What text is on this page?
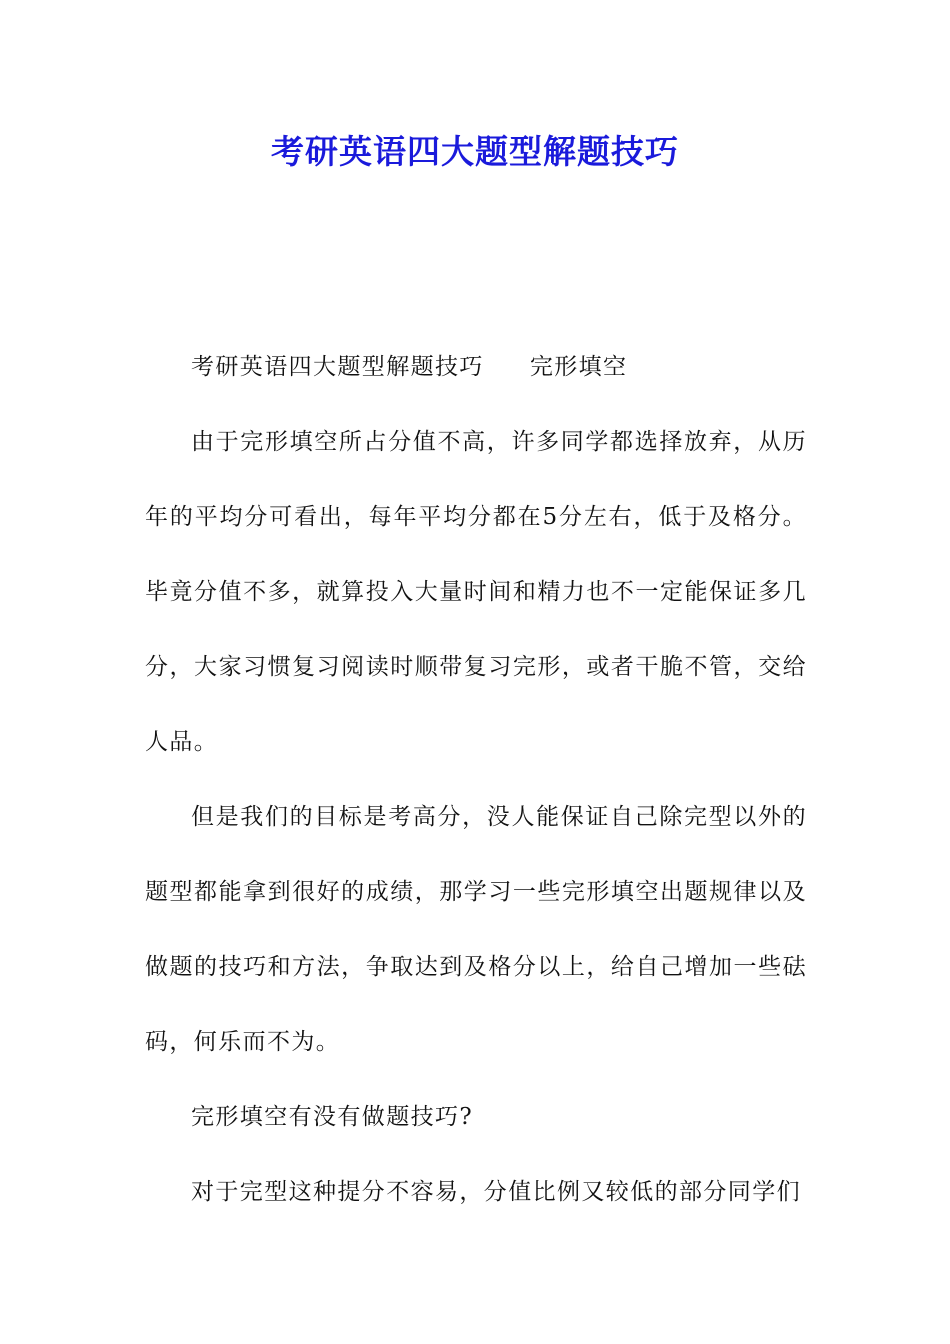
考研英语四大题型解题技巧

考研英语四大题型解题技巧 完形填空

由于完形填空所占分值不高，许多同学都选择放弃，从历年的平均分可看出，每年平均分都在5分左右，低于及格分。毕竟分值不多，就算投入大量时间和精力也不一定能保证多几分，大家习惯复习阅读时顺带复习完形，或者干脆不管，交给人品。

但是我们的目标是考高分，没人能保证自己除完型以外的题型都能拿到很好的成绩，那学习一些完形填空出题规律以及做题的技巧和方法，争取达到及格分以上，给自己增加一些砝码，何乐而不为。

完形填空有没有做题技巧?

对于完型这种提分不容易，分值比例又较低的部分同学们
